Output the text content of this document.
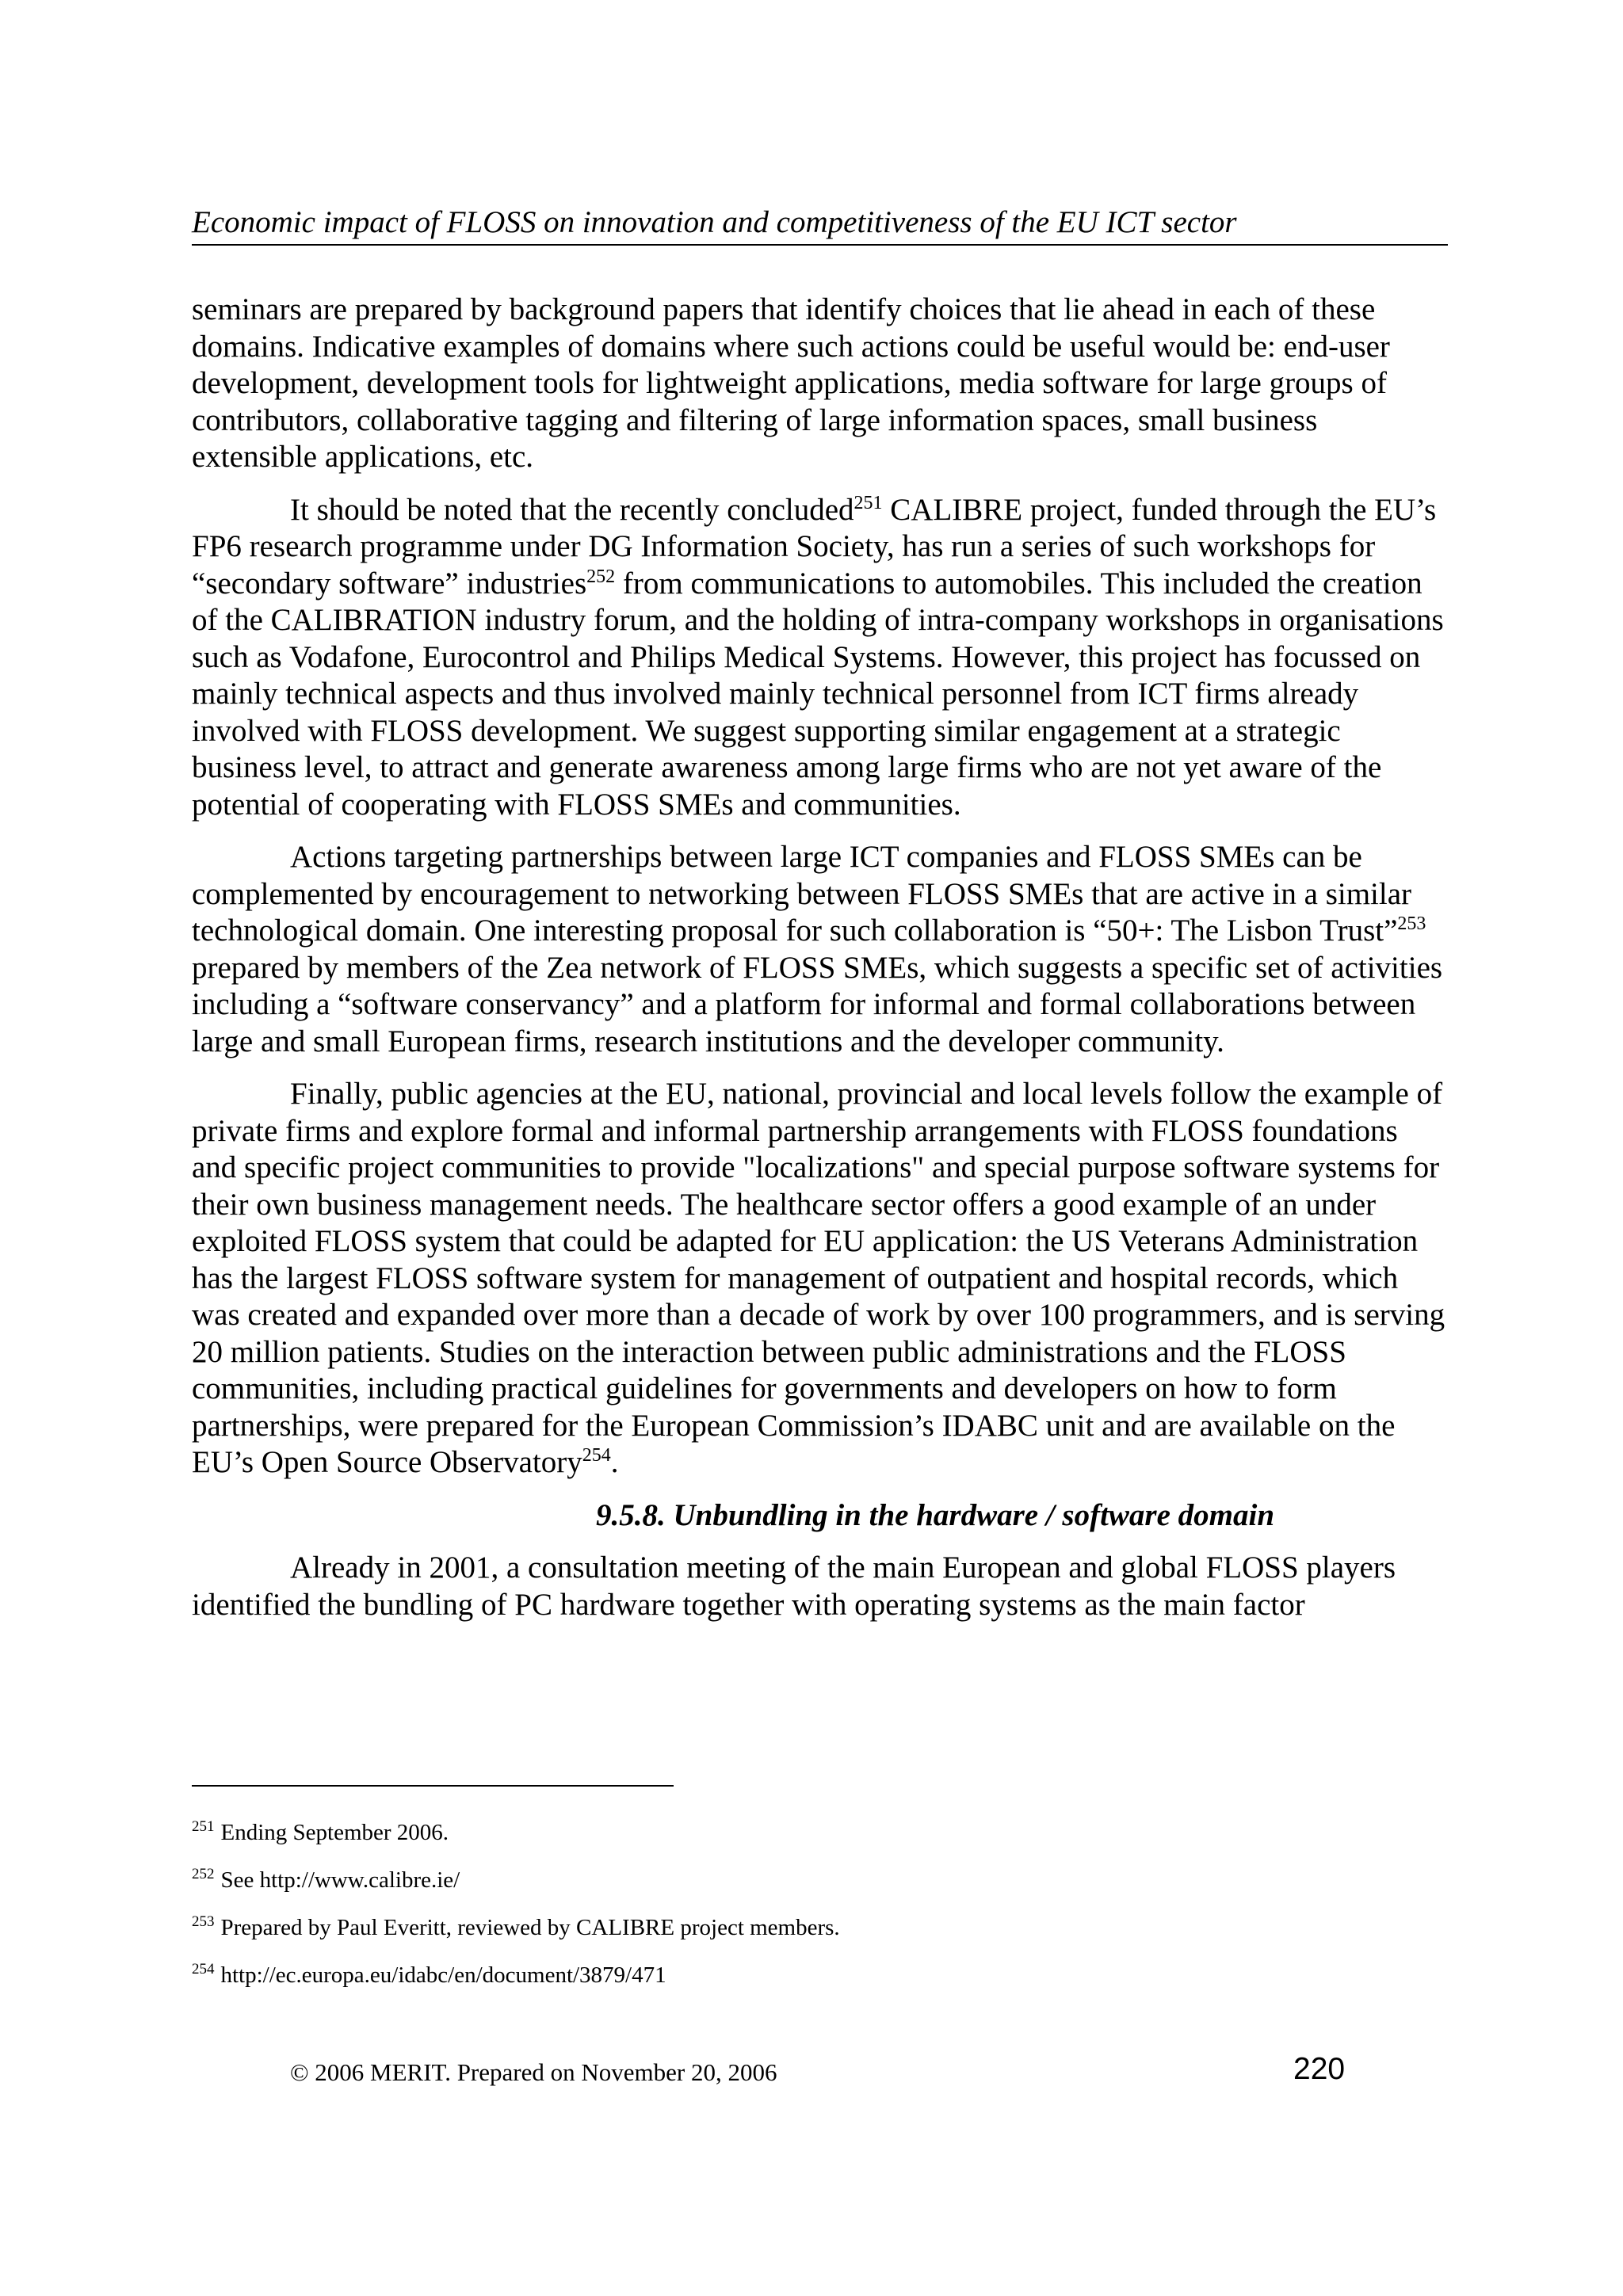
Economic impact of FLOSS on innovation and competitiveness of the EU ICT sector

seminars are prepared by background papers that identify choices that lie ahead in each of these domains. Indicative examples of domains where such actions could be useful would be: end-user development, development tools for lightweight applications, media software for large groups of contributors, collaborative tagging and filtering of large information spaces, small business extensible applications, etc.

It should be noted that the recently concluded$^{251}$ CALIBRE project, funded through the EU’s FP6 research programme under DG Information Society, has run a series of such workshops for “secondary software” industries$^{252}$ from communications to automobiles. This included the creation of the CALIBRATION industry forum, and the holding of intra-company workshops in organisations such as Vodafone, Eurocontrol and Philips Medical Systems. However, this project has focussed on mainly technical aspects and thus involved mainly technical personnel from ICT firms already involved with FLOSS development. We suggest supporting similar engagement at a strategic business level, to attract and generate awareness among large firms who are not yet aware of the potential of cooperating with FLOSS SMEs and communities.

Actions targeting partnerships between large ICT companies and FLOSS SMEs can be complemented by encouragement to networking between FLOSS SMEs that are active in a similar technological domain. One interesting proposal for such collaboration is “50+: The Lisbon Trust”$^{253}$ prepared by members of the Zea network of FLOSS SMEs, which suggests a specific set of activities including a “software conservancy” and a platform for informal and formal collaborations between large and small European firms, research institutions and the developer community.

Finally, public agencies at the EU, national, provincial and local levels follow the example of private firms and explore formal and informal partnership arrangements with FLOSS foundations and specific project communities to provide "localizations" and special purpose software systems for their own business management needs. The healthcare sector offers a good example of an under exploited FLOSS system that could be adapted for EU application: the US Veterans Administration has the largest FLOSS software system for management of outpatient and hospital records, which was created and expanded over more than a decade of work by over 100 programmers, and is serving 20 million patients. Studies on the interaction between public administrations and the FLOSS communities, including practical guidelines for governments and developers on how to form partnerships, were prepared for the European Commission’s IDABC unit and are available on the EU’s Open Source Observatory$^{254}$.

9.5.8. Unbundling in the hardware / software domain

Already in 2001, a consultation meeting of the main European and global FLOSS players identified the bundling of PC hardware together with operating systems as the main factor

$^{251}$ Ending September 2006.
$^{252}$ See http://www.calibre.ie/
$^{253}$ Prepared by Paul Everitt, reviewed by CALIBRE project members.
$^{254}$ http://ec.europa.eu/idabc/en/document/3879/471
© 2006 MERIT. Prepared on November 20, 2006	220
